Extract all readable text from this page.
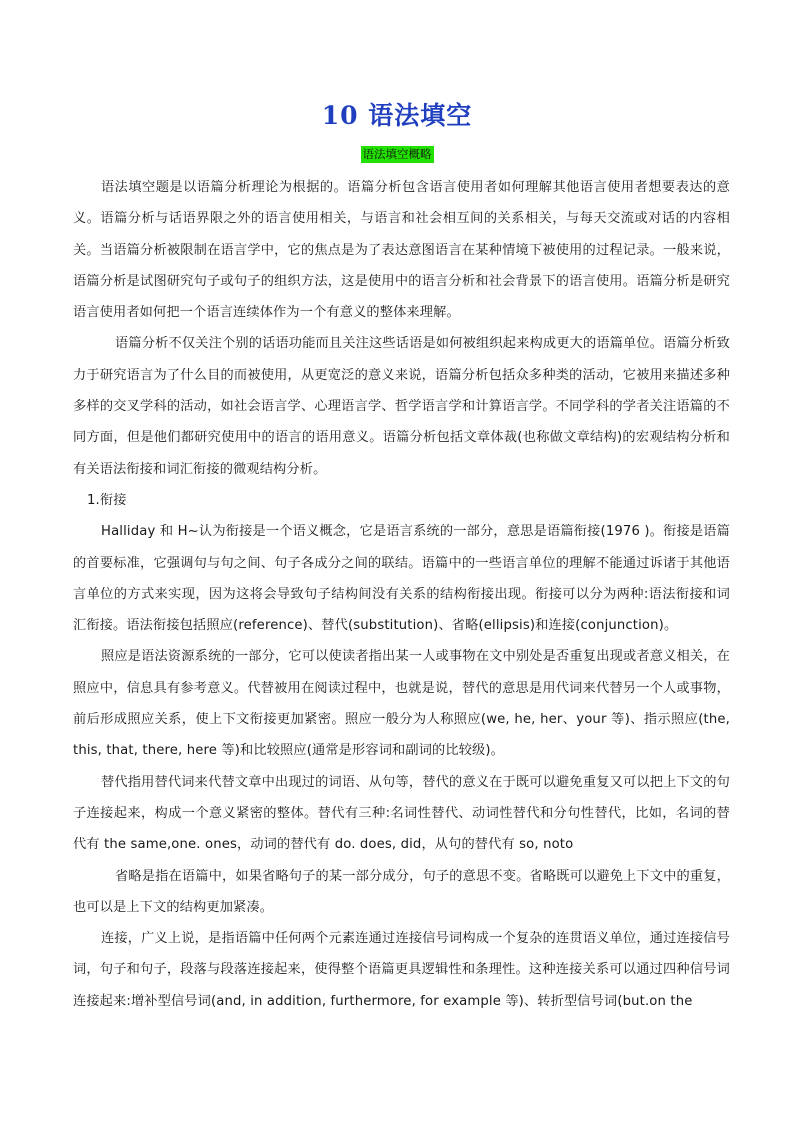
10 语法填空
语法填空概略

语法填空题是以语篇分析理论为根据的。语篇分析包含语言使用者如何理解其他语言使用者想要表达的意义。语篇分析与话语界限之外的语言使用相关，与语言和社会相互间的关系相关，与每天交流或对话的内容相关。当语篇分析被限制在语言学中，它的焦点是为了表达意图语言在某种情境下被使用的过程记录。一般来说，语篇分析是试图研究句子或句子的组织方法，这是使用中的语言分析和社会背景下的语言使用。语篇分析是研究语言使用者如何把一个语言连续体作为一个有意义的整体来理解。

语篇分析不仅关注个别的话语功能而且关注这些话语是如何被组织起来构成更大的语篇单位。语篇分析致力于研究语言为了什么目的而被使用，从更宽泛的意义来说，语篇分析包括众多种类的活动，它被用来描述多种多样的交叉学科的活动，如社会语言学、心理语言学、哲学语言学和计算语言学。不同学科的学者关注语篇的不同方面，但是他们都研究使用中的语言的语用意义。语篇分析包括文章体裁(也称做文章结构)的宏观结构分析和有关语法衔接和词汇衔接的微观结构分析。

1.衔接

Halliday 和 H~认为衔接是一个语义概念，它是语言系统的一部分，意思是语篇衔接(1976 )。衔接是语篇的首要标准，它强调句与句之间、句子各成分之间的联结。语篇中的一些语言单位的理解不能通过诉诸于其他语言单位的方式来实现，因为这将会导致句子结构间没有关系的结构衔接出现。衔接可以分为两种:语法衔接和词汇衔接。语法衔接包括照应(reference)、替代(substitution)、省略(ellipsis)和连接(conjunction)。

照应是语法资源系统的一部分，它可以使读者指出某一人或事物在文中别处是否重复出现或者意义相关，在照应中，信息具有参考意义。代替被用在阅读过程中，也就是说，替代的意思是用代词来代替另一个人或事物，前后形成照应关系，使上下文衔接更加紧密。照应一般分为人称照应(we, he, her、your 等)、指示照应(the, this, that, there, here 等)和比较照应(通常是形容词和副词的比较级)。

替代指用替代词来代替文章中出现过的词语、从句等，替代的意义在于既可以避免重复又可以把上下文的句子连接起来，构成一个意义紧密的整体。替代有三种:名词性替代、动词性替代和分句性替代，比如，名词的替代有 the same,one. ones，动词的替代有 do. does, did，从句的替代有 so, noto

省略是指在语篇中，如果省略句子的某一部分成分，句子的意思不变。省略既可以避免上下文中的重复，也可以是上下文的结构更加紧凑。

连接，广义上说，是指语篇中任何两个元素连通过连接信号词构成一个复杂的连贯语义单位，通过连接信号词，句子和句子，段落与段落连接起来，使得整个语篇更具逻辑性和条理性。这种连接关系可以通过四种信号词连接起来:增补型信号词(and, in addition, furthermore, for example 等)、转折型信号词(but.on the
